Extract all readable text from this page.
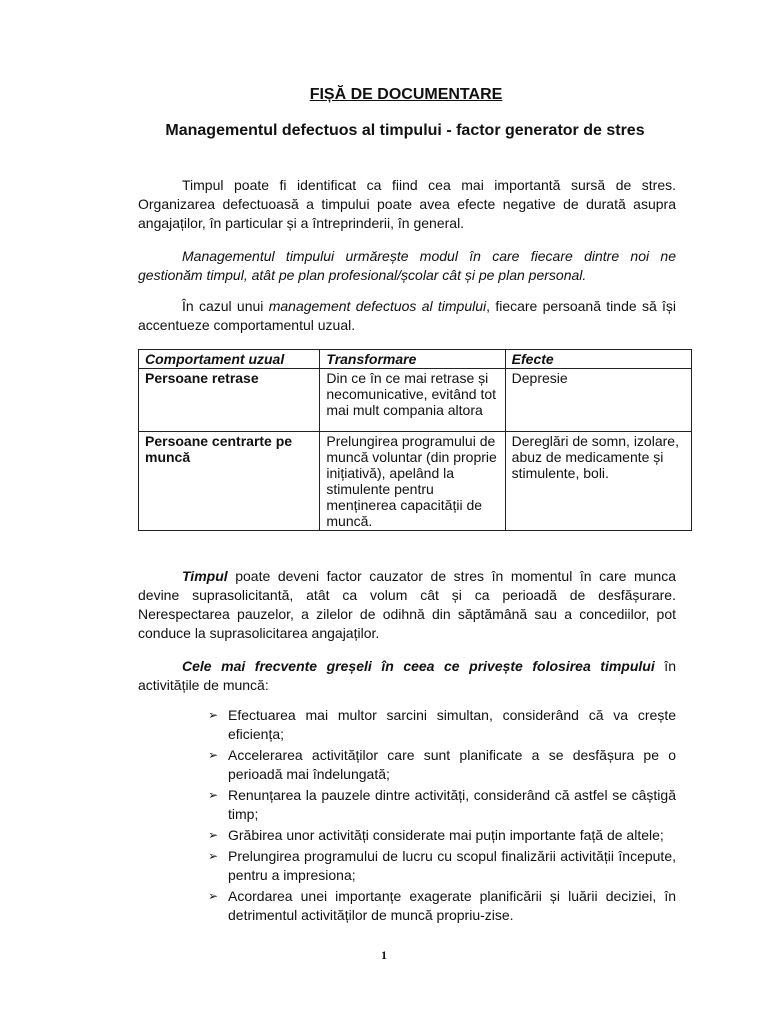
FIȘĂ DE DOCUMENTARE
Managementul defectuos al timpului - factor generator de stres

Timpul poate fi identificat ca fiind cea mai importantă sursă de stres. Organizarea defectuoasă a timpului poate avea efecte negative de durată asupra angajaților, în particular și a întreprinderii, în general.

Managementul timpului urmărește modul în care fiecare dintre noi ne gestionăm timpul, atât pe plan profesional/școlar cât și pe plan personal.

În cazul unui management defectuos al timpului, fiecare persoană tinde să își accentueze comportamentul uzual.

Comportament uzual	Transformare	Efecte
Persoane retrase	Din ce în ce mai retrase și necomunicative, evitând tot mai mult compania altora	Depresie
Persoane centrarte pe muncă	Prelungirea programului de muncă voluntar (din proprie inițiativă), apelând la stimulente pentru menținerea capacității de muncă.	Dereglări de somn, izolare, abuz de medicamente și stimulente, boli.

Timpul poate deveni factor cauzator de stres în momentul în care munca devine suprasolicitantă, atât ca volum cât și ca perioadă de desfășurare. Nerespectarea pauzelor, a zilelor de odihnă din săptămână sau a concediilor, pot conduce la suprasolicitarea angajaților.

Cele mai frecvente greșeli în ceea ce privește folosirea timpului în activitățile de muncă:

➢ Efectuarea mai multor sarcini simultan, considerând că va crește eficiența;
➢ Accelerarea activităților care sunt planificate a se desfășura pe o perioadă mai îndelungată;
➢ Renunțarea la pauzele dintre activități, considerând că astfel se câștigă timp;
➢ Grăbirea unor activități considerate mai puțin importante față de altele;
➢ Prelungirea programului de lucru cu scopul finalizării activității începute, pentru a impresiona;
➢ Acordarea unei importanțe exagerate planificării și luării deciziei, în detrimentul activităților de muncă propriu-zise.
1
